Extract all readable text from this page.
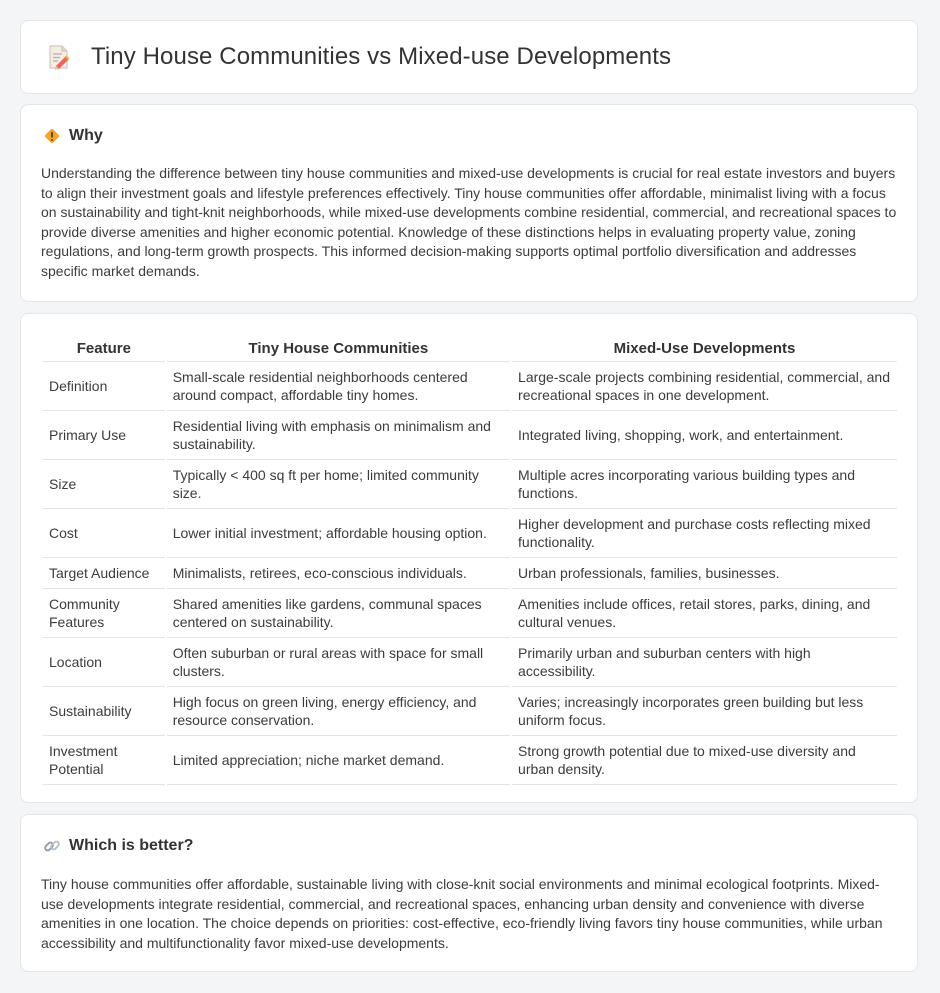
Tiny House Communities vs Mixed-use Developments
Why
Understanding the difference between tiny house communities and mixed-use developments is crucial for real estate investors and buyers to align their investment goals and lifestyle preferences effectively. Tiny house communities offer affordable, minimalist living with a focus on sustainability and tight-knit neighborhoods, while mixed-use developments combine residential, commercial, and recreational spaces to provide diverse amenities and higher economic potential. Knowledge of these distinctions helps in evaluating property value, zoning regulations, and long-term growth prospects. This informed decision-making supports optimal portfolio diversification and addresses specific market demands.
Feature	Tiny House Communities	Mixed-Use Developments
Definition	Small-scale residential neighborhoods centered around compact, affordable tiny homes.	Large-scale projects combining residential, commercial, and recreational spaces in one development.
Primary Use	Residential living with emphasis on minimalism and sustainability.	Integrated living, shopping, work, and entertainment.
Size	Typically < 400 sq ft per home; limited community size.	Multiple acres incorporating various building types and functions.
Cost	Lower initial investment; affordable housing option.	Higher development and purchase costs reflecting mixed functionality.
Target Audience	Minimalists, retirees, eco-conscious individuals.	Urban professionals, families, businesses.
Community Features	Shared amenities like gardens, communal spaces centered on sustainability.	Amenities include offices, retail stores, parks, dining, and cultural venues.
Location	Often suburban or rural areas with space for small clusters.	Primarily urban and suburban centers with high accessibility.
Sustainability	High focus on green living, energy efficiency, and resource conservation.	Varies; increasingly incorporates green building but less uniform focus.
Investment Potential	Limited appreciation; niche market demand.	Strong growth potential due to mixed-use diversity and urban density.
Which is better?
Tiny house communities offer affordable, sustainable living with close-knit social environments and minimal ecological footprints. Mixed-use developments integrate residential, commercial, and recreational spaces, enhancing urban density and convenience with diverse amenities in one location. The choice depends on priorities: cost-effective, eco-friendly living favors tiny house communities, while urban accessibility and multifunctionality favor mixed-use developments.
